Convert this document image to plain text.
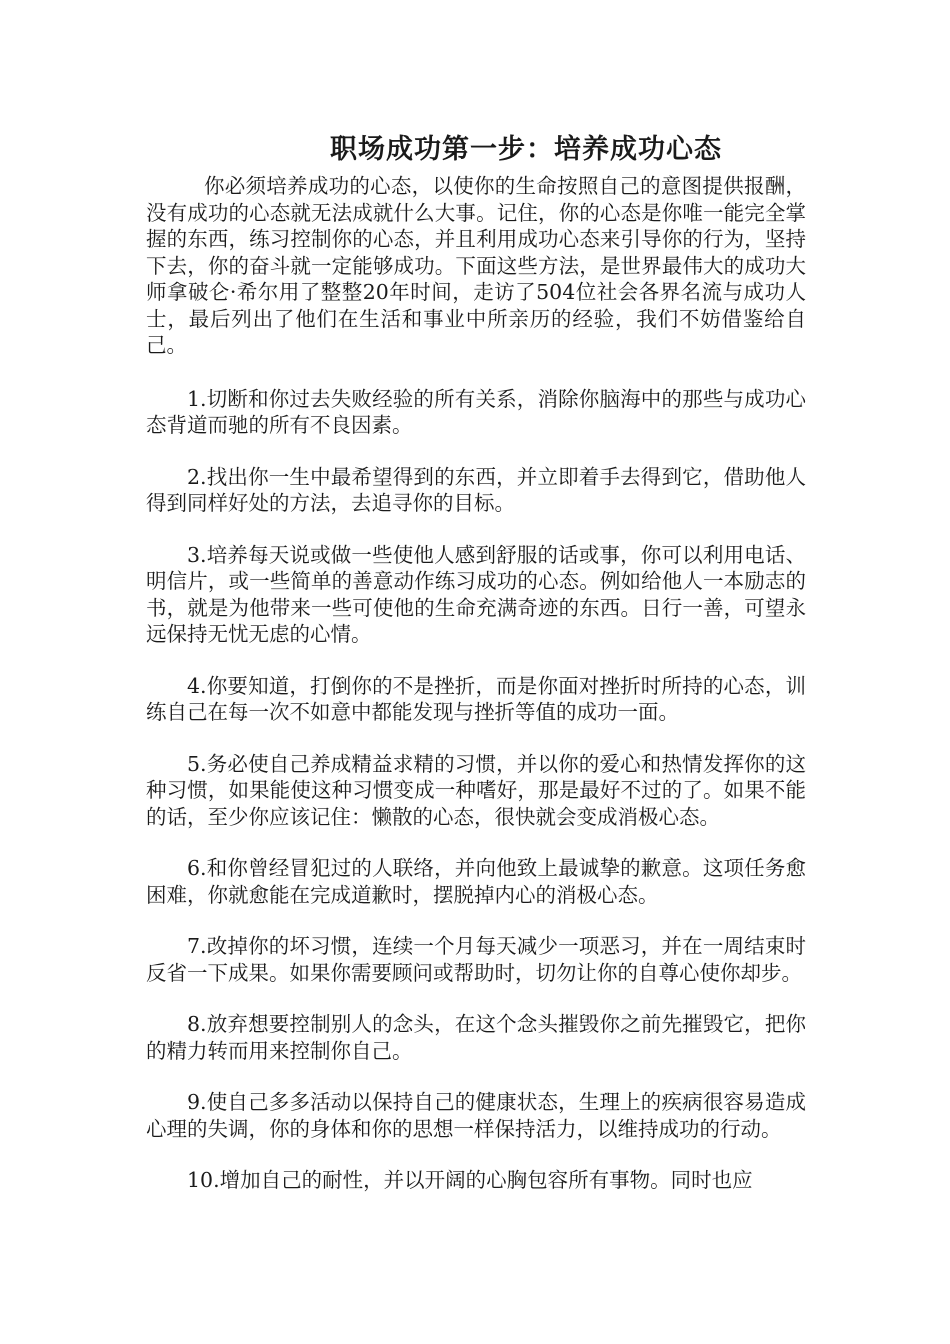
职场成功第一步：培养成功心态

你必须培养成功的心态，以使你的生命按照自己的意图提供报酬，没有成功的心态就无法成就什么大事。记住，你的心态是你唯一能完全掌握的东西，练习控制你的心态，并且利用成功心态来引导你的行为，坚持下去，你的奋斗就一定能够成功。下面这些方法，是世界最伟大的成功大师拿破仑·希尔用了整整20年时间，走访了504位社会各界名流与成功人士，最后列出了他们在生活和事业中所亲历的经验，我们不妨借鉴给自己。

1.切断和你过去失败经验的所有关系，消除你脑海中的那些与成功心态背道而驰的所有不良因素。

2.找出你一生中最希望得到的东西，并立即着手去得到它，借助他人得到同样好处的方法，去追寻你的目标。

3.培养每天说或做一些使他人感到舒服的话或事，你可以利用电话、明信片，或一些简单的善意动作练习成功的心态。例如给他人一本励志的书，就是为他带来一些可使他的生命充满奇迹的东西。日行一善，可望永远保持无忧无虑的心情。

4.你要知道，打倒你的不是挫折，而是你面对挫折时所持的心态，训练自己在每一次不如意中都能发现与挫折等值的成功一面。

5.务必使自己养成精益求精的习惯，并以你的爱心和热情发挥你的这种习惯，如果能使这种习惯变成一种嗜好，那是最好不过的了。如果不能的话，至少你应该记住：懒散的心态，很快就会变成消极心态。

6.和你曾经冒犯过的人联络，并向他致上最诚挚的歉意。这项任务愈困难，你就愈能在完成道歉时，摆脱掉内心的消极心态。

7.改掉你的坏习惯，连续一个月每天减少一项恶习，并在一周结束时反省一下成果。如果你需要顾问或帮助时，切勿让你的自尊心使你却步。

8.放弃想要控制别人的念头，在这个念头摧毁你之前先摧毁它，把你的精力转而用来控制你自己。

9.使自己多多活动以保持自己的健康状态，生理上的疾病很容易造成心理的失调，你的身体和你的思想一样保持活力，以维持成功的行动。

10.增加自己的耐性，并以开阔的心胸包容所有事物。同时也应
